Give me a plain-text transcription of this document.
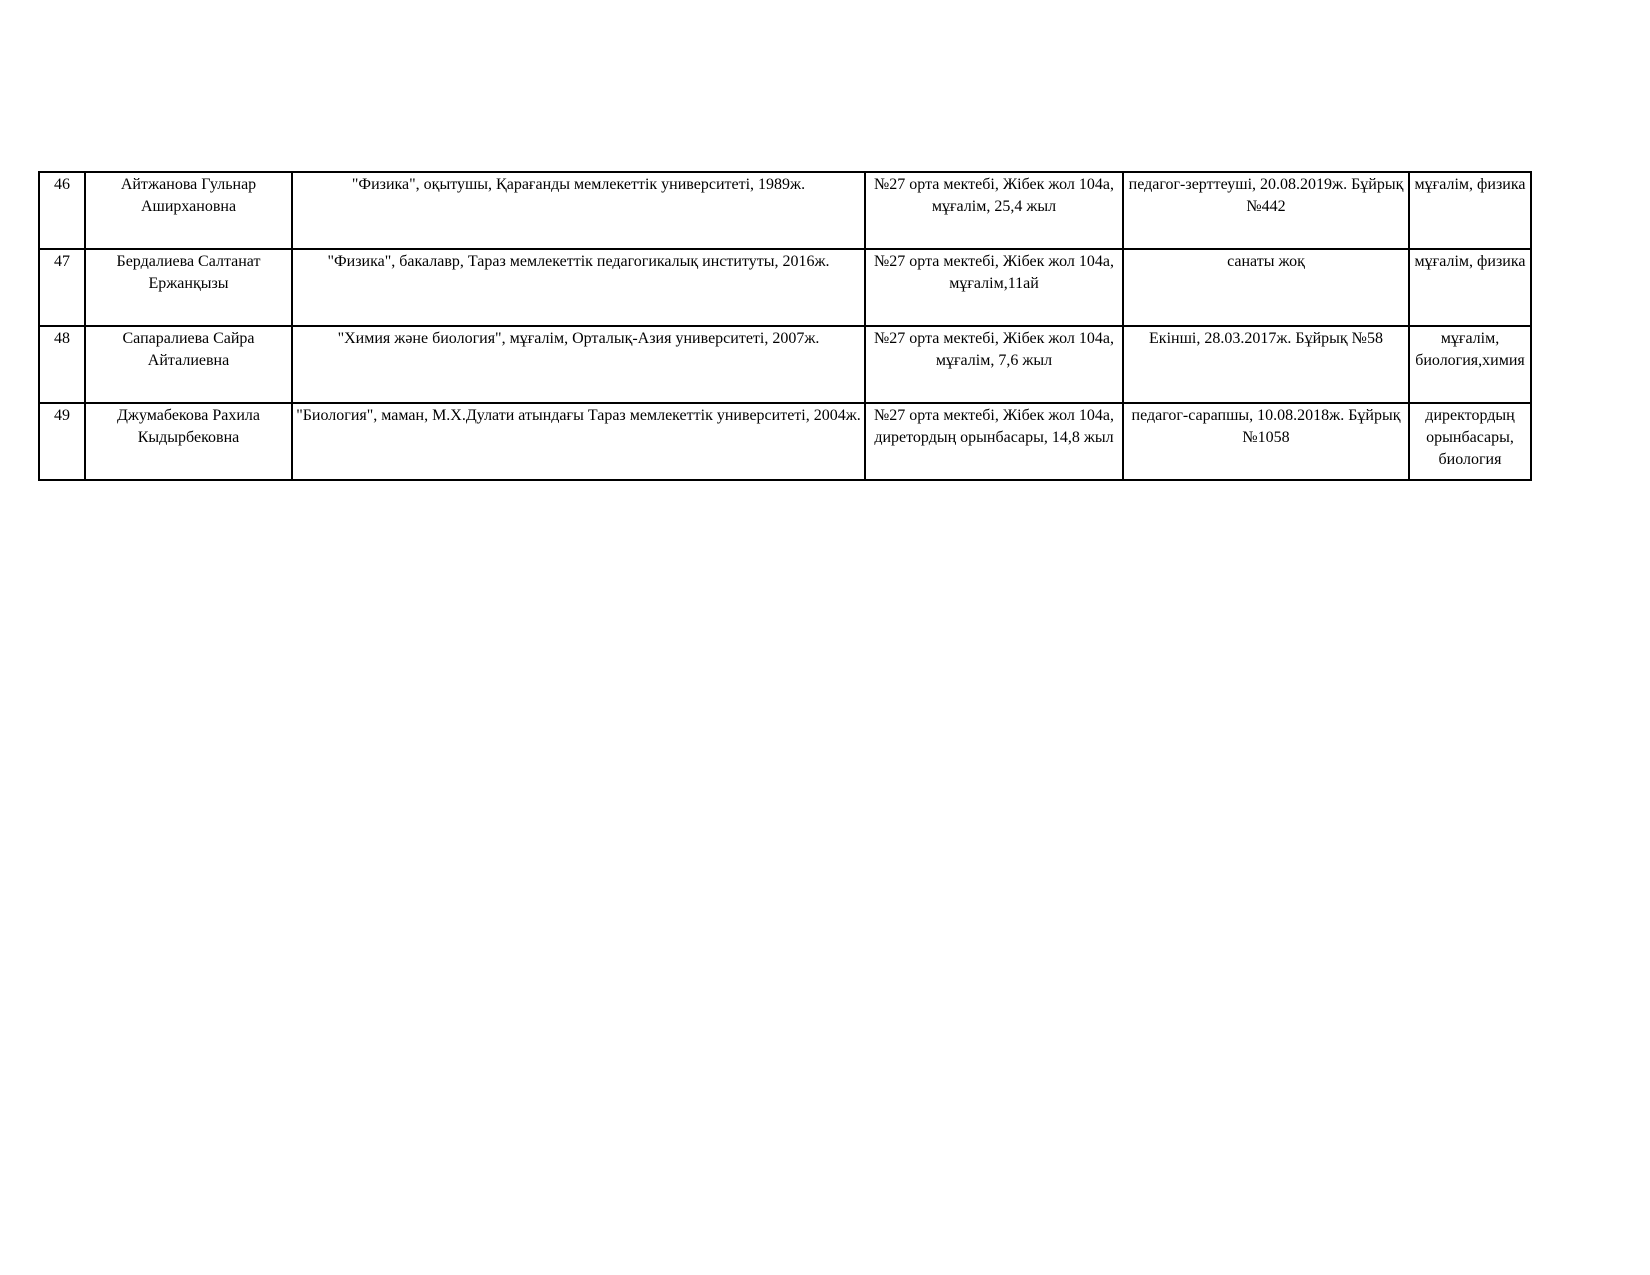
46	Айтжанова Гульнар Аширхановна	"Физика", оқытушы, Қарағанды мемлекеттік университеті, 1989ж.	№27 орта мектебі, Жібек жол 104а, мұғалім, 25,4 жыл	педагог-зерттеуші, 20.08.2019ж. Бұйрық №442	мұғалім, физика

47	Бердалиева Салтанат Ержанқызы	"Физика", бакалавр, Тараз мемлекеттік педагогикалық институты, 2016ж.	№27 орта мектебі, Жібек жол 104а, мұғалім,11ай	санаты жоқ	мұғалім, физика

48	Сапаралиева Сайра Айталиевна	"Химия және биология", мұғалім, Орталық-Азия университеті, 2007ж.	№27 орта мектебі, Жібек жол 104а, мұғалім, 7,6 жыл	Екінші, 28.03.2017ж. Бұйрық №58	мұғалім, биология,химия

49	Джумабекова Рахила Кыдырбековна	"Биология", маман, М.Х.Дулати атындағы Тараз мемлекеттік университеті, 2004ж.	№27 орта мектебі, Жібек жол 104а, диретордың орынбасары, 14,8 жыл	педагог-сарапшы, 10.08.2018ж. Бұйрық №1058	директордың орынбасары, биология
